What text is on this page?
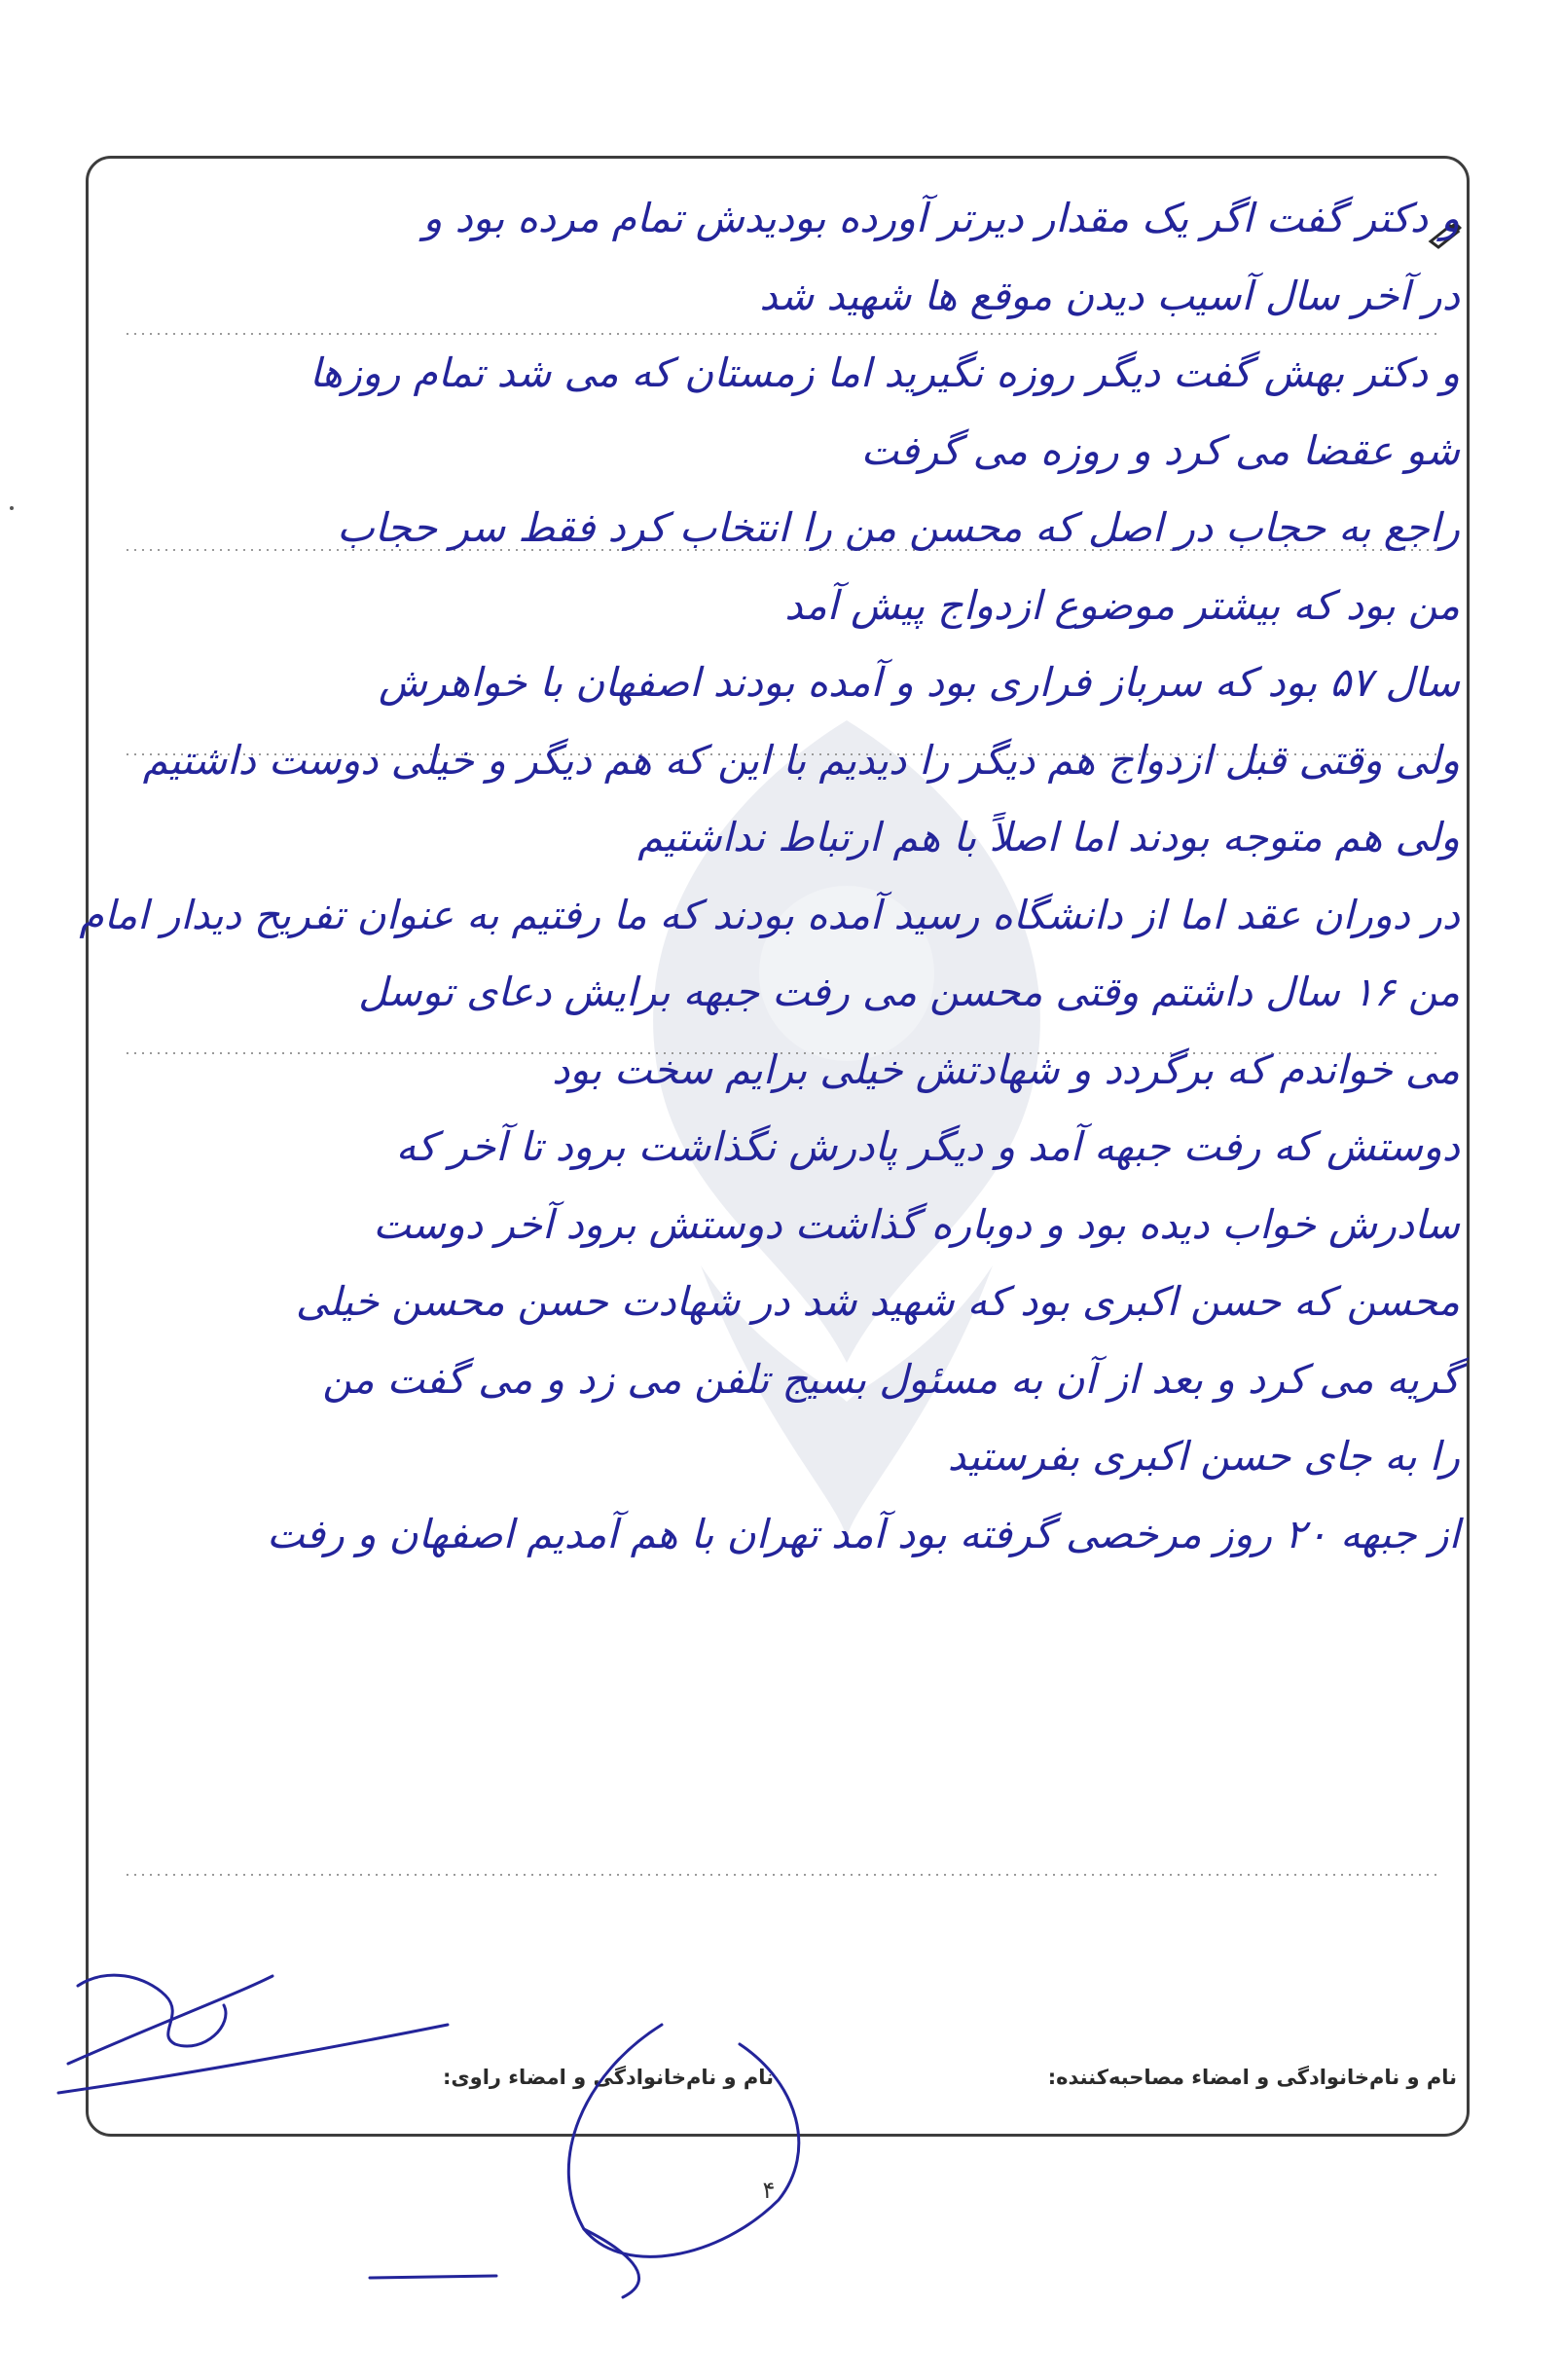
و دکتر گفت اگر یک مقدار دیرتر آورده بودیدش تمام مرده بود و
در آخر سال آسیب دیدن موقع ها شهید شد
و دکتر بهش گفت دیگر روزه نگیرید اما زمستان که می شد تمام روزها
شو عقضا می کرد و روزه می گرفت
راجع به حجاب در اصل که محسن من را انتخاب کرد فقط سر حجاب
من بود که بیشتر موضوع ازدواج پیش آمد
سال ۵۷ بود که سرباز فراری بود و آمده بودند اصفهان با خواهرش
ولی وقتی قبل ازدواج هم دیگر را دیدیم با این که هم دیگر و خیلی دوست داشتیم
ولی هم متوجه بودند اما اصلاً با هم ارتباط نداشتیم
در دوران عقد اما از دانشگاه رسید آمده بودند که ما رفتیم به عنوان تفریح دیدار امام
من ۱۶ سال داشتم وقتی محسن می رفت جبهه برایش دعای توسل
می خواندم که برگردد و شهادتش خیلی برایم سخت بود
دوستش که رفت جبهه آمد و دیگر پادرش نگذاشت برود تا آخر که
سادرش خواب دیده بود و دوباره گذاشت دوستش برود آخر دوست
محسن که حسن اکبری بود که شهید شد در شهادت حسن محسن خیلی
گریه می کرد و بعد از آن به مسئول بسیج تلفن می زد و می گفت من
را به جای حسن اکبری بفرستید
از جبهه ۲۰ روز مرخصی گرفته بود آمد تهران با هم آمدیم اصفهان و رفت
نام و نام‌خانوادگی و امضاء مصاحبه‌کننده:
نام و نام‌خانوادگی و امضاء راوی:
۴
